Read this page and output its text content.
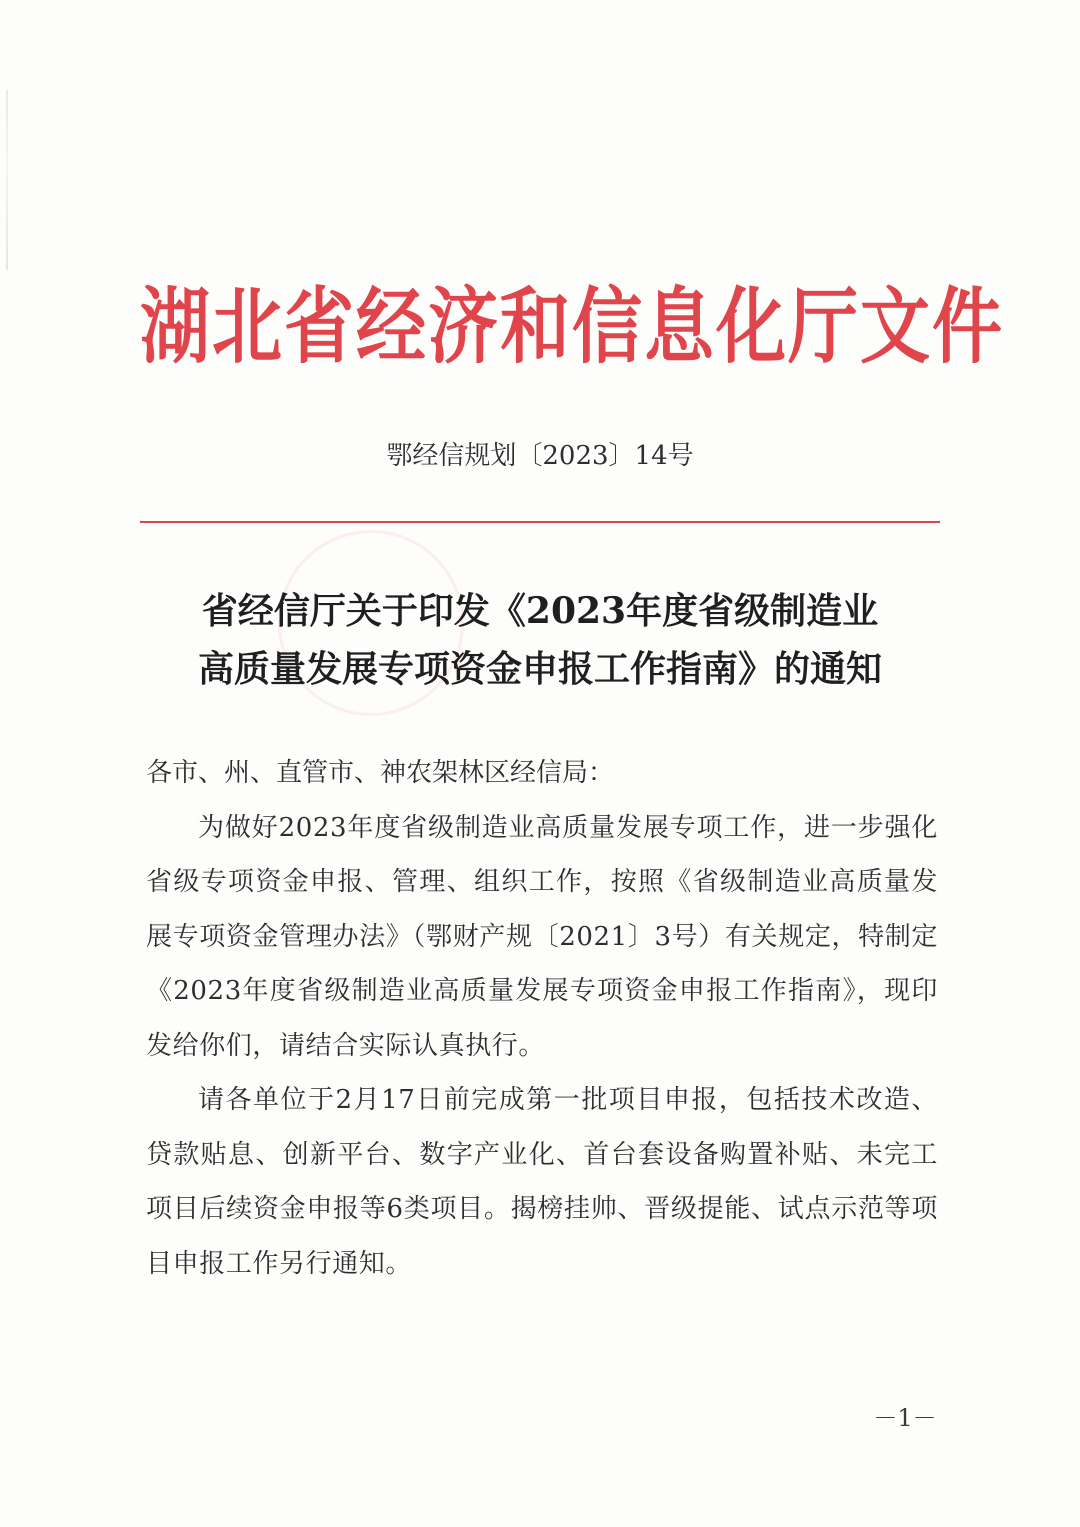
湖北省经济和信息化厅文件
鄂经信规划〔2023〕14号
省经信厅关于印发《2023年度省级制造业
高质量发展专项资金申报工作指南》的通知

各市、州、直管市、神农架林区经信局：

为做好2023年度省级制造业高质量发展专项工作，进一步强化省级专项资金申报、管理、组织工作，按照《省级制造业高质量发展专项资金管理办法》（鄂财产规〔2021〕3号）有关规定，特制定《2023年度省级制造业高质量发展专项资金申报工作指南》，现印发给你们，请结合实际认真执行。

请各单位于2月17日前完成第一批项目申报，包括技术改造、贷款贴息、创新平台、数字产业化、首台套设备购置补贴、未完工项目后续资金申报等6类项目。揭榜挂帅、晋级提能、试点示范等项目申报工作另行通知。

－1－
